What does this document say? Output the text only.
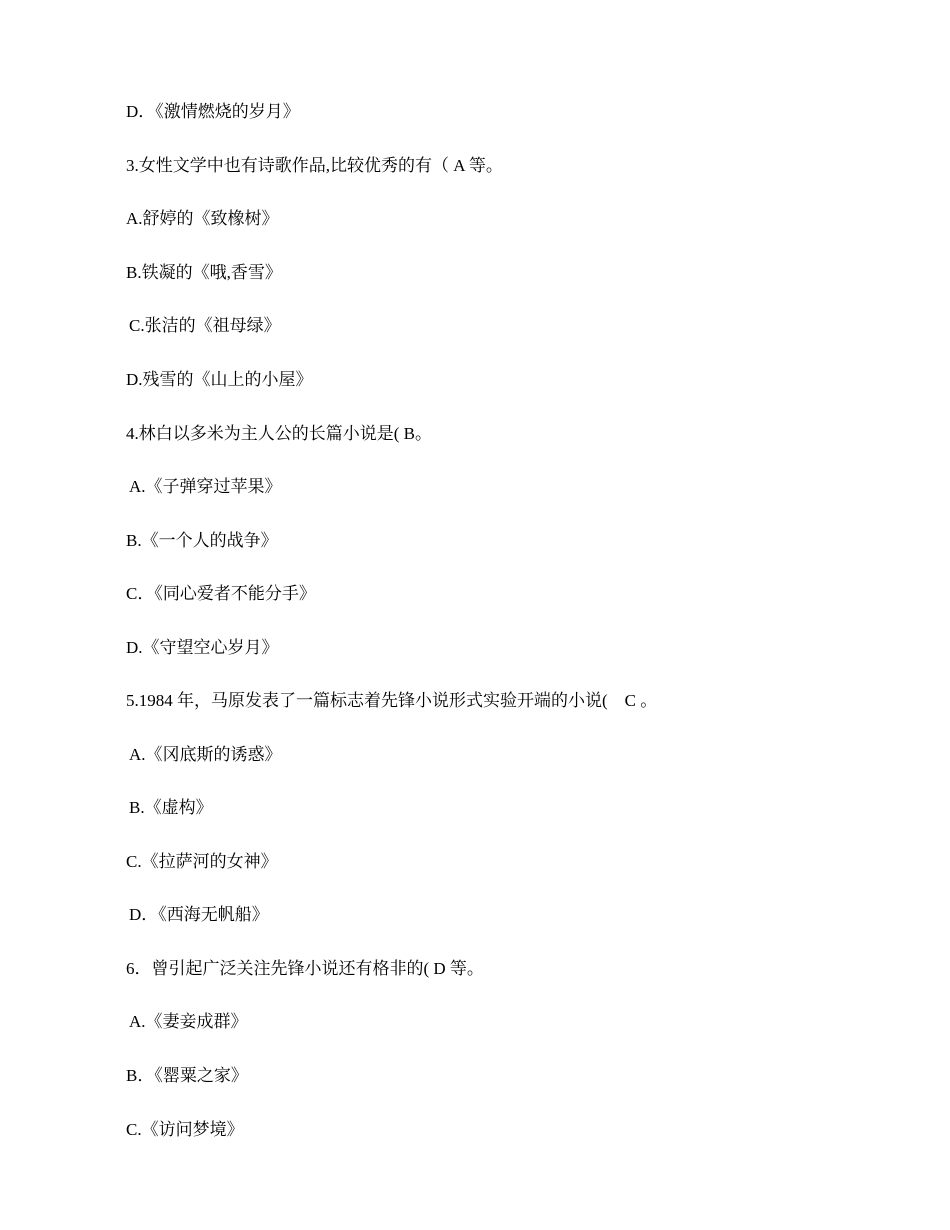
D．《激情燃烧的岁月》
3.女性文学中也有诗歌作品,比较优秀的有（ A 等。
A.舒婷的《致橡树》
B.铁凝的《哦,香雪》
C.张洁的《祖母绿》
D.残雪的《山上的小屋》
4.林白以多米为主人公的长篇小说是( B。
A.《子弹穿过苹果》
B.《一个人的战争》
C．《同心爱者不能分手》
D.《守望空心岁月》
5.1984 年，马原发表了一篇标志着先锋小说形式实验开端的小说(    C 。
A.《冈底斯的诱惑》
B.《虚构》
C.《拉萨河的女神》
D．《西海无帆船》
6．曾引起广泛关注先锋小说还有格非的( D 等。
A.《妻妾成群》
B．《罂粟之家》
C.《访问梦境》
